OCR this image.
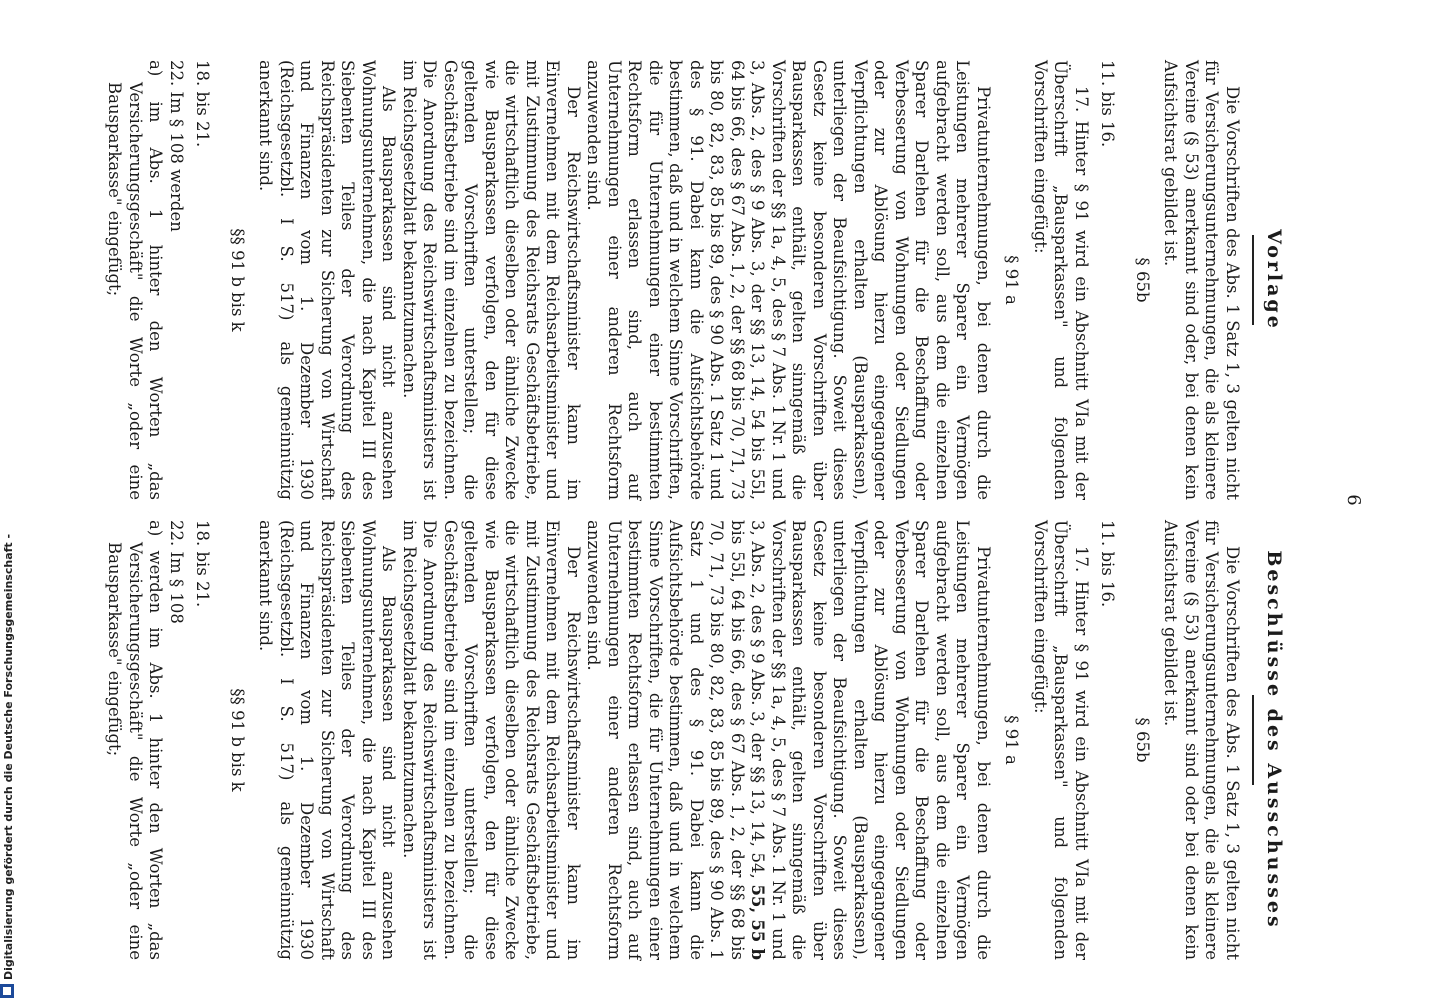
6
Vorlage

Die Vorschriften des Abs. 1 Satz 1, 3 gelten nicht für Versicherungsunternehmungen, die als kleinere Vereine (§ 53) anerkannt sind oder, bei denen kein Aufsichtsrat gebildet ist.

§ 65b
11. bis 16.

17. Hinter § 91 wird ein Abschnitt VIa mit der Überschrift „Bausparkassen" und folgenden Vorschriften eingefügt:

§ 91 a

Privatunternehmungen, bei denen durch die Leistungen mehrerer Sparer ein Vermögen aufgebracht werden soll, aus dem die einzelnen Sparer Darlehen für die Beschaffung oder Verbesserung von Wohnungen oder Siedlungen oder zur Ablösung hierzu eingegangener Verpflichtungen erhalten (Bausparkassen), unterliegen der Beaufsichtigung. Soweit dieses Gesetz keine besonderen Vorschriften über Bausparkassen enthält, gelten sinngemäß die Vorschriften der §§ 1a, 4, 5, des § 7 Abs. 1 Nr. 1 und 3, Abs. 2, des § 9 Abs. 3, der §§ 13, 14, 54 bis 55l, 64 bis 66, des § 67 Abs. 1, 2, der §§ 68 bis 70, 71, 73 bis 80, 82, 83, 85 bis 89, des § 90 Abs. 1 Satz 1 und des § 91. Dabei kann die Aufsichtsbehörde bestimmen, daß und in welchem Sinne Vorschriften, die für Unternehmungen einer bestimmten Rechtsform erlassen sind, auch auf Unternehmungen einer anderen Rechtsform anzuwenden sind.

Der Reichswirtschaftsminister kann im Einvernehmen mit dem Reichsarbeitsminister und mit Zustimmung des Reichsrats Geschäftsbetriebe, die wirtschaftlich dieselben oder ähnliche Zwecke wie Bausparkassen verfolgen, den für diese geltenden Vorschriften unterstellen; die Geschäftsbetriebe sind im einzelnen zu bezeichnen. Die Anordnung des Reichswirtschaftsministers ist im Reichsgesetzblatt bekanntzumachen.

Als Bausparkassen sind nicht anzusehen Wohnungsunternehmen, die nach Kapitel III des Siebenten Teiles der Verordnung des Reichspräsidenten zur Sicherung von Wirtschaft und Finanzen vom 1. Dezember 1930 (Reichsgesetzbl. I S. 517) als gemeinnützig anerkannt sind.

§§ 91 b bis k
18. bis 21.

22. Im § 108 werden

a) im Abs. 1 hinter den Worten „das Versicherungsgeschäft" die Worte „oder eine Bausparkasse" eingefügt;

Beschlüsse des Ausschusses

Die Vorschriften des Abs. 1 Satz 1, 3 gelten nicht für Versicherungsunternehmungen, die als kleinere Vereine (§ 53) anerkannt sind oder bei denen kein Aufsichtsrat gebildet ist.

§ 65b
11. bis 16.

17. Hinter § 91 wird ein Abschnitt VIa mit der Überschrift „Bausparkassen" und folgenden Vorschriften eingefügt:

§ 91 a

Privatunternehmungen, bei denen durch die Leistungen mehrerer Sparer ein Vermögen aufgebracht werden soll, aus dem die einzelnen Sparer Darlehen für die Beschaffung oder Verbesserung von Wohnungen oder Siedlungen oder zur Ablösung hierzu eingegangener Verpflichtungen erhalten (Bausparkassen), unterliegen der Beaufsichtigung. Soweit dieses Gesetz keine besonderen Vorschriften über Bausparkassen enthält, gelten sinngemäß die Vorschriften der §§ 1a, 4, 5, des § 7 Abs. 1 Nr. 1 und 3, Abs. 2, des § 9 Abs. 3, der §§ 13, 14, 54, 55, 55 b bis 55l, 64 bis 66, des § 67 Abs. 1, 2, der §§ 68 bis 70, 71, 73 bis 80, 82, 83, 85 bis 89, des § 90 Abs. 1 Satz 1 und des § 91. Dabei kann die Aufsichtsbehörde bestimmen, daß und in welchem Sinne Vorschriften, die für Unternehmungen einer bestimmten Rechtsform erlassen sind, auch auf Unternehmungen einer anderen Rechtsform anzuwenden sind.

Der Reichswirtschaftsminister kann im Einvernehmen mit dem Reichsarbeitsminister und mit Zustimmung des Reichsrats Geschäftsbetriebe, die wirtschaftlich dieselben oder ähnliche Zwecke wie Bausparkassen verfolgen, den für diese geltenden Vorschriften unterstellen; die Geschäftsbetriebe sind im einzelnen zu bezeichnen. Die Anordnung des Reichswirtschaftsministers ist im Reichsgesetzblatt bekanntzumachen.

Als Bausparkassen sind nicht anzusehen Wohnungsunternehmen, die nach Kapitel III des Siebenten Teiles der Verordnung des Reichspräsidenten zur Sicherung von Wirtschaft und Finanzen vom 1. Dezember 1930 (Reichsgesetzbl. I S. 517) als gemeinnützig anerkannt sind.

§§ 91 b bis k
18. bis 21.

22. Im § 108

a) werden im Abs. 1 hinter den Worten „das Versicherungsgeschäft" die Worte „oder eine Bausparkasse" eingefügt;

Digitalisierung gefördert durch die Deutsche Forschungsgemeinschaft -
